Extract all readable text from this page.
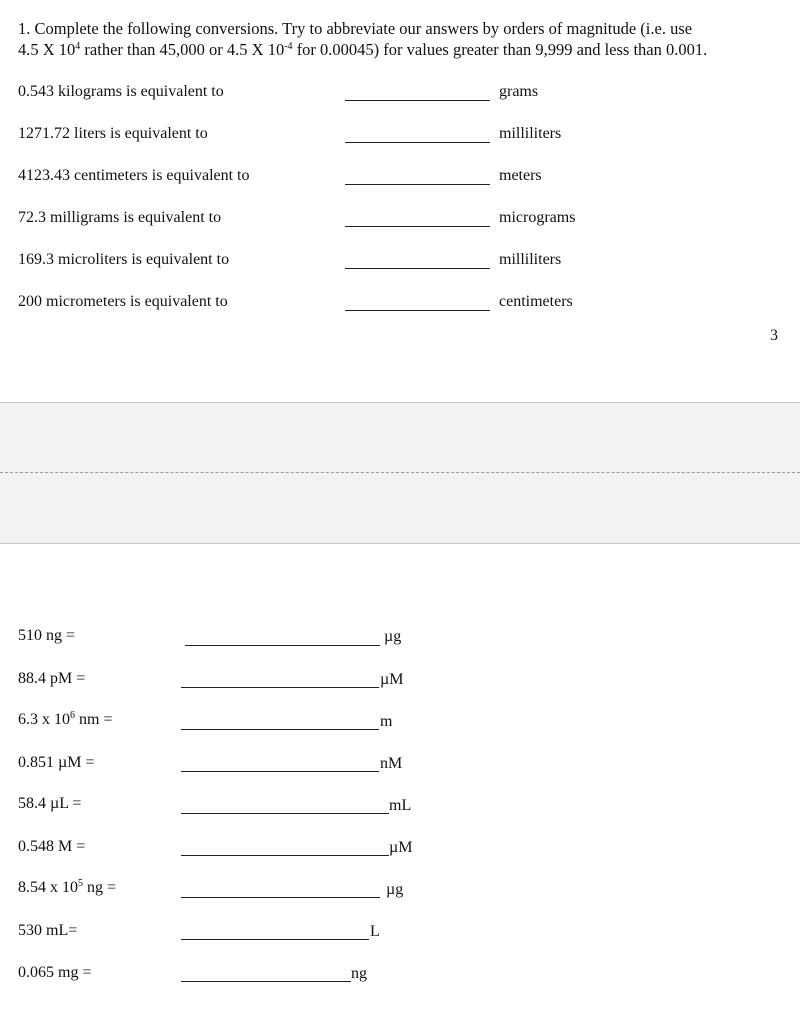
1. Complete the following conversions. Try to abbreviate our answers by orders of magnitude (i.e. use
4.5 X $10^4$ rather than 45,000 or 4.5 X $10^{-4}$ for 0.00045) for values greater than 9,999 and less than 0.001.
0.543 kilograms is equivalent to	grams
1271.72 liters is equivalent to	milliliters
4123.43 centimeters is equivalent to	meters
72.3 milligrams is equivalent to	micrograms
169.3 microliters is equivalent to	milliliters
200 micrometers is equivalent to	centimeters
3
510 ng =	µg
88.4 pM =	µM
6.3 x $10^6$ nm =	m
0.851 µM =	nM
58.4 µL =	mL
0.548 M =	µM
8.54 x $10^5$ ng =	µg
530 mL=	L
0.065 mg =	ng
